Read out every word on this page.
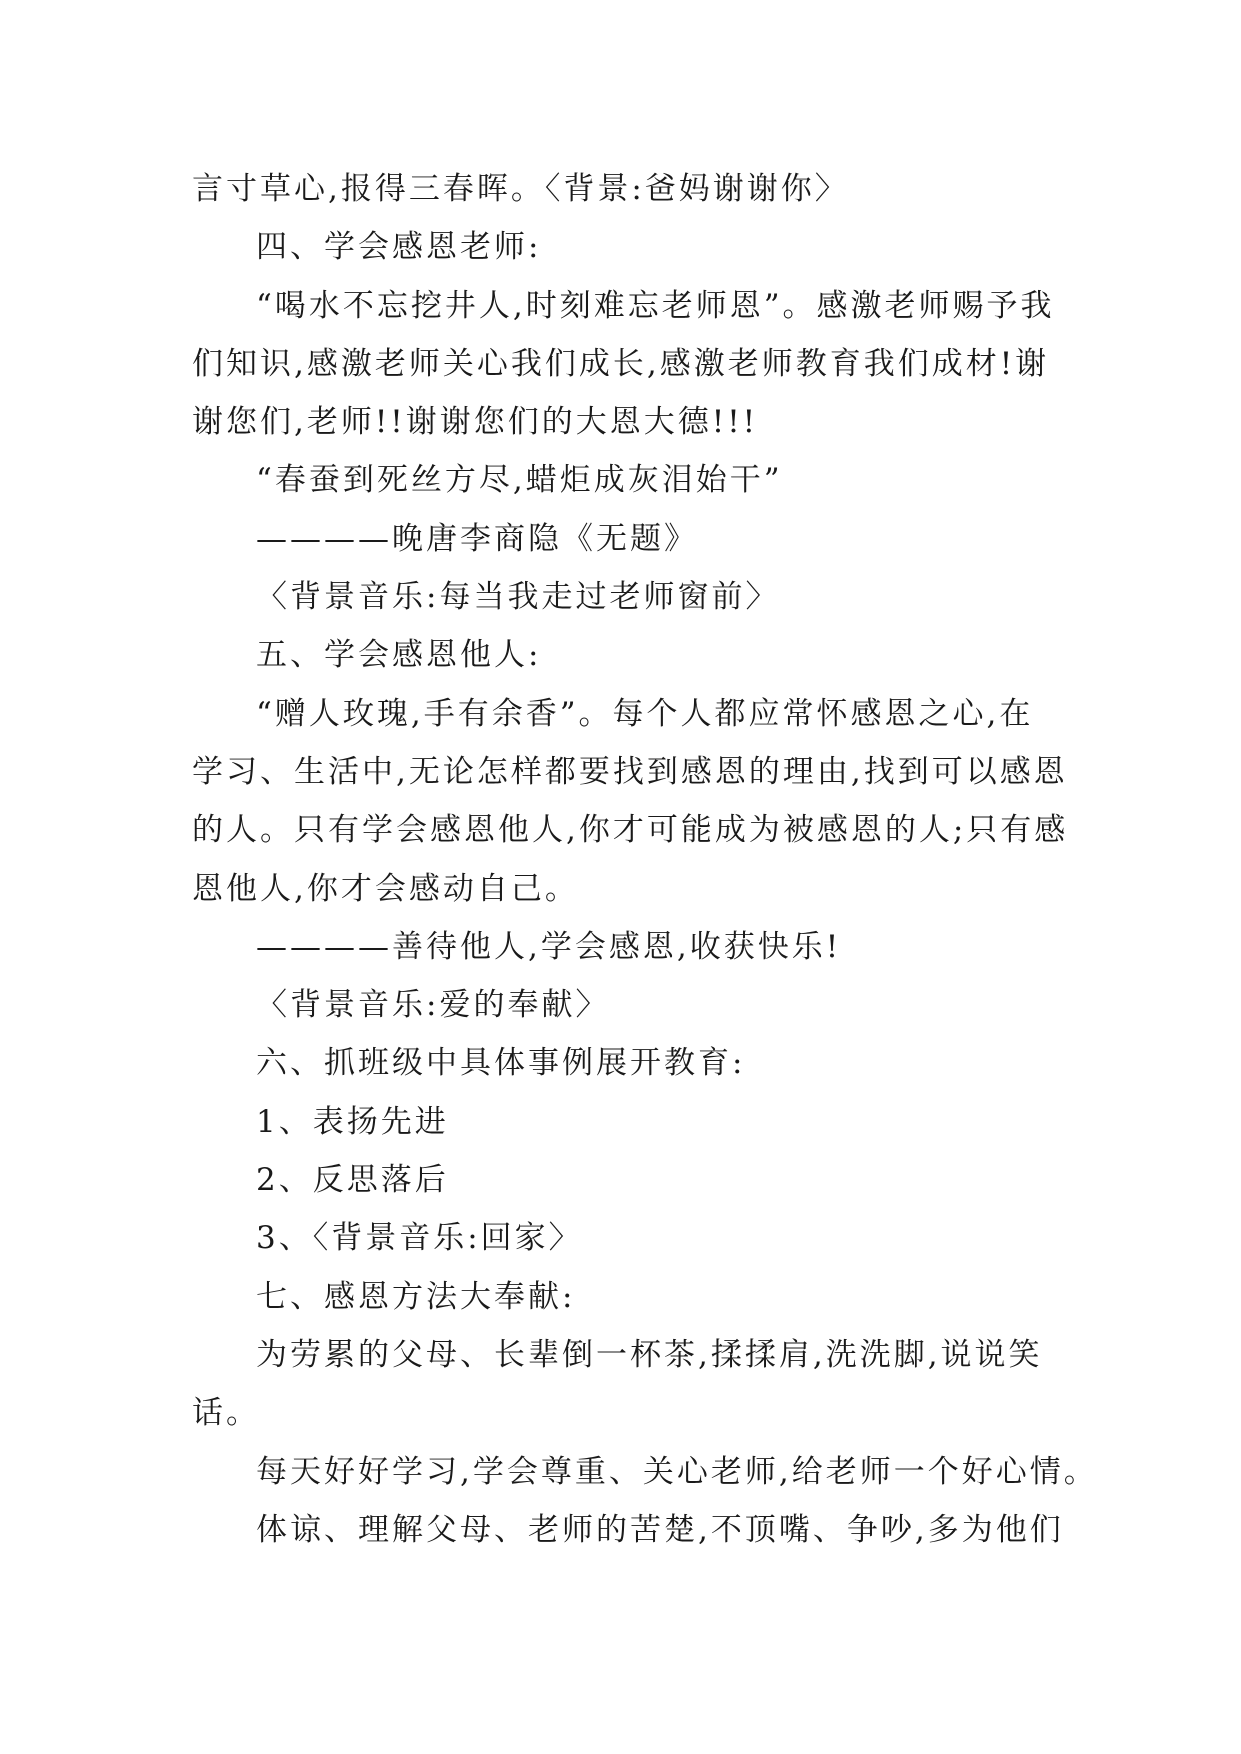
言寸草心,报得三春晖。〈背景:爸妈谢谢你〉
四、学会感恩老师:
“喝水不忘挖井人,时刻难忘老师恩”。感激老师赐予我
们知识,感激老师关心我们成长,感激老师教育我们成材!谢
谢您们,老师!!谢谢您们的大恩大德!!!
“春蚕到死丝方尽,蜡炬成灰泪始干”
————晚唐李商隐《无题》
〈背景音乐:每当我走过老师窗前〉
五、学会感恩他人:
“赠人玫瑰,手有余香”。每个人都应常怀感恩之心,在
学习、生活中,无论怎样都要找到感恩的理由,找到可以感恩
的人。只有学会感恩他人,你才可能成为被感恩的人;只有感
恩他人,你才会感动自己。
————善待他人,学会感恩,收获快乐!
〈背景音乐:爱的奉献〉
六、抓班级中具体事例展开教育:
1、表扬先进
2、反思落后
3、〈背景音乐:回家〉
七、感恩方法大奉献:
为劳累的父母、长辈倒一杯茶,揉揉肩,洗洗脚,说说笑
话。
每天好好学习,学会尊重、关心老师,给老师一个好心情。
体谅、理解父母、老师的苦楚,不顶嘴、争吵,多为他们
